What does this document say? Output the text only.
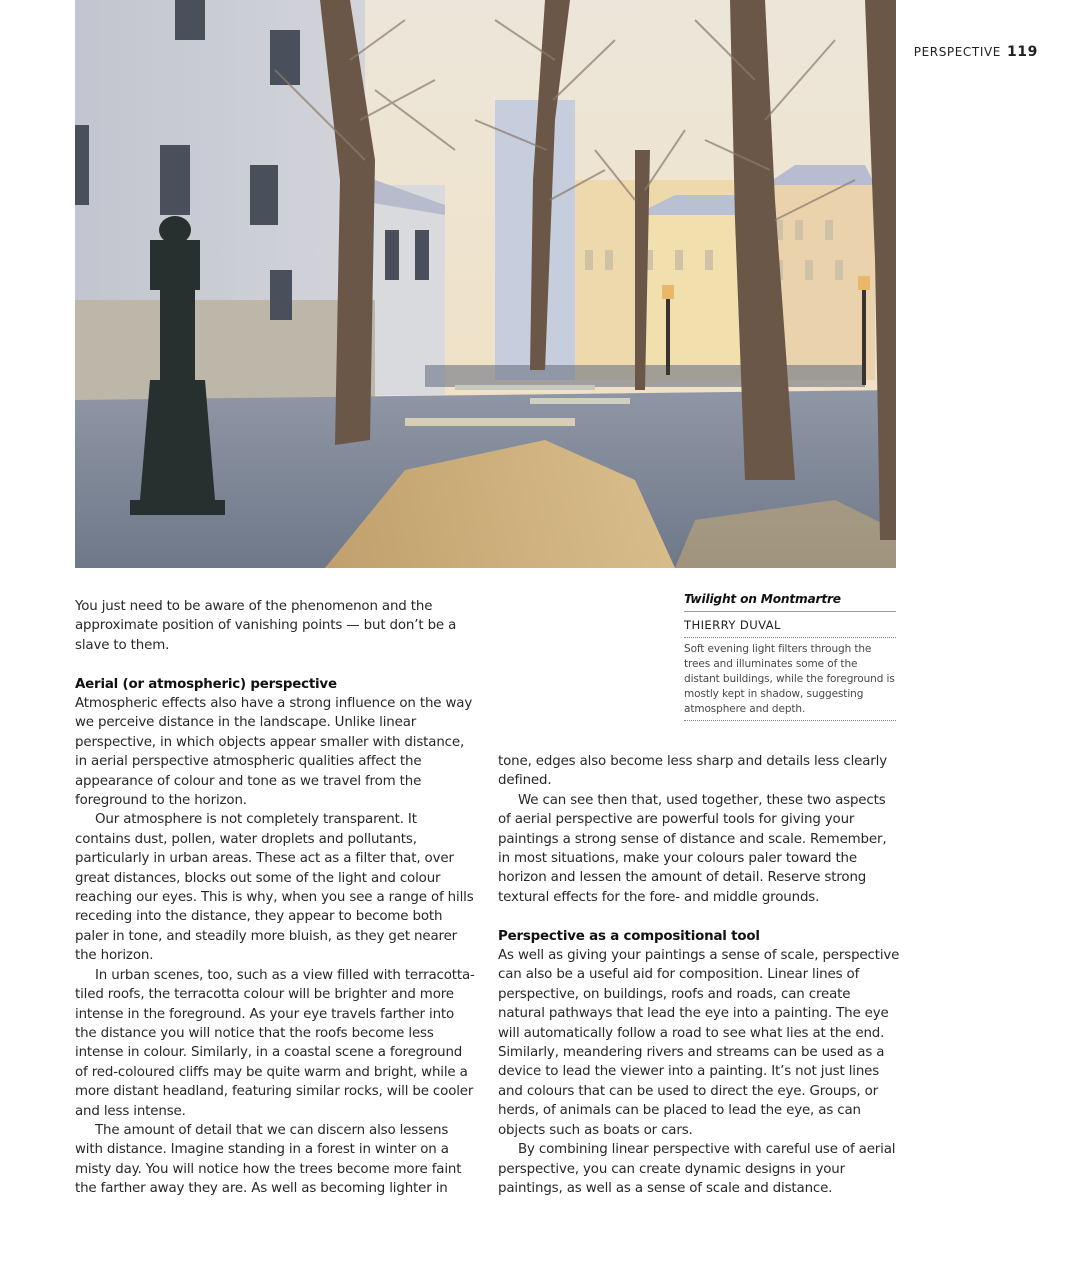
PERSPECTIVE 119
Twilight on Montmartre
THIERRY DUVAL
Soft evening light filters through the trees and illuminates some of the distant buildings, while the foreground is mostly kept in shadow, suggesting atmosphere and depth.

You just need to be aware of the phenomenon and the approximate position of vanishing points — but don’t be a slave to them.

Aerial (or atmospheric) perspective

Atmospheric effects also have a strong influence on the way we perceive distance in the landscape. Unlike linear perspective, in which objects appear smaller with distance, in aerial perspective atmospheric qualities affect the appearance of colour and tone as we travel from the foreground to the horizon.

Our atmosphere is not completely transparent. It contains dust, pollen, water droplets and pollutants, particularly in urban areas. These act as a filter that, over great distances, blocks out some of the light and colour reaching our eyes. This is why, when you see a range of hills receding into the distance, they appear to become both paler in tone, and steadily more bluish, as they get nearer the horizon.

In urban scenes, too, such as a view filled with terracotta-tiled roofs, the terracotta colour will be brighter and more intense in the foreground. As your eye travels farther into the distance you will notice that the roofs become less intense in colour. Similarly, in a coastal scene a foreground of red-coloured cliffs may be quite warm and bright, while a more distant headland, featuring similar rocks, will be cooler and less intense.

The amount of detail that we can discern also lessens with distance. Imagine standing in a forest in winter on a misty day. You will notice how the trees become more faint the farther away they are. As well as becoming lighter in

tone, edges also become less sharp and details less clearly defined.

We can see then that, used together, these two aspects of aerial perspective are powerful tools for giving your paintings a strong sense of distance and scale. Remember, in most situations, make your colours paler toward the horizon and lessen the amount of detail. Reserve strong textural effects for the fore- and middle grounds.

Perspective as a compositional tool

As well as giving your paintings a sense of scale, perspective can also be a useful aid for composition. Linear lines of perspective, on buildings, roofs and roads, can create natural pathways that lead the eye into a painting. The eye will automatically follow a road to see what lies at the end. Similarly, meandering rivers and streams can be used as a device to lead the viewer into a painting. It’s not just lines and colours that can be used to direct the eye. Groups, or herds, of animals can be placed to lead the eye, as can objects such as boats or cars.

By combining linear perspective with careful use of aerial perspective, you can create dynamic designs in your paintings, as well as a sense of scale and distance.
